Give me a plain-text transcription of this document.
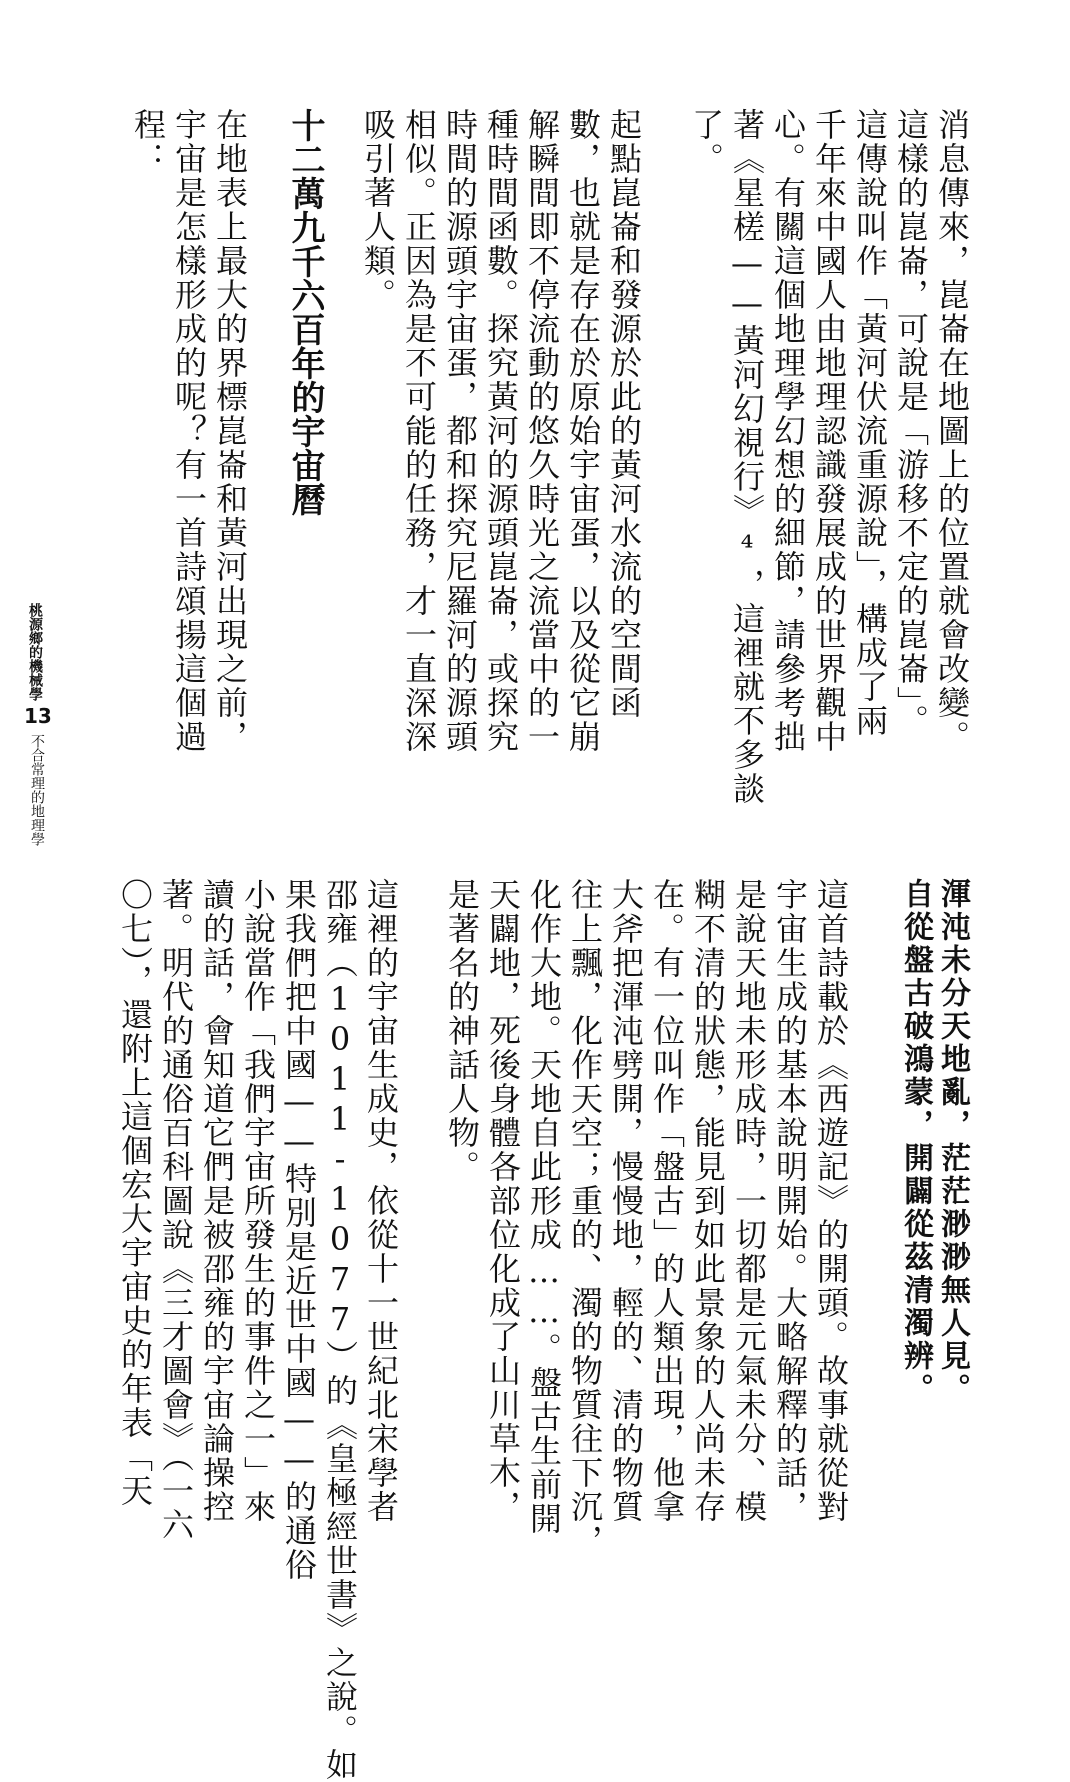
消息傳來，崑崙在地圖上的位置就會改變。
這樣的崑崙，可說是「游移不定的崑崙」。
這傳說叫作「黃河伏流重源說」，構成了兩
千年來中國人由地理認識發展成的世界觀中
心。有關這個地理學幻想的細節，請參考拙
著《星槎——黃河幻視行》⁴，這裡就不多談
了。
起點崑崙和發源於此的黃河水流的空間函
數，也就是存在於原始宇宙蛋，以及從它崩
解瞬間即不停流動的悠久時光之流當中的一
種時間函數。探究黃河的源頭崑崙，或探究
時間的源頭宇宙蛋，都和探究尼羅河的源頭
相似。正因為是不可能的任務，才一直深深
吸引著人類。
十二萬九千六百年的宇宙曆
在地表上最大的界標崑崙和黃河出現之前，
宇宙是怎樣形成的呢？有一首詩頌揚這個過
程：
桃源鄉的機械學
13
不合常理的地理學
渾沌未分天地亂，茫茫渺渺無人見。
自從盤古破鴻蒙，開闢從茲清濁辨。
這首詩載於《西遊記》的開頭。故事就從對
宇宙生成的基本說明開始。大略解釋的話，
是說天地未形成時，一切都是元氣未分、模
糊不清的狀態，能見到如此景象的人尚未存
在。有一位叫作「盤古」的人類出現，他拿
大斧把渾沌劈開，慢慢地，輕的、清的物質
往上飄，化作天空；重的、濁的物質往下沉，
化作大地。天地自此形成……。盤古生前開
天闢地，死後身體各部位化成了山川草木，
是著名的神話人物。
這裡的宇宙生成史，依從十一世紀北宋學者
邵雍（1011-1077）的《皇極經世書》之說。如
果我們把中國——特別是近世中國——的通俗
小說當作「我們宇宙所發生的事件之一」來
讀的話，會知道它們是被邵雍的宇宙論操控
著。明代的通俗百科圖說《三才圖會》（一六
〇七），還附上這個宏大宇宙史的年表「天
